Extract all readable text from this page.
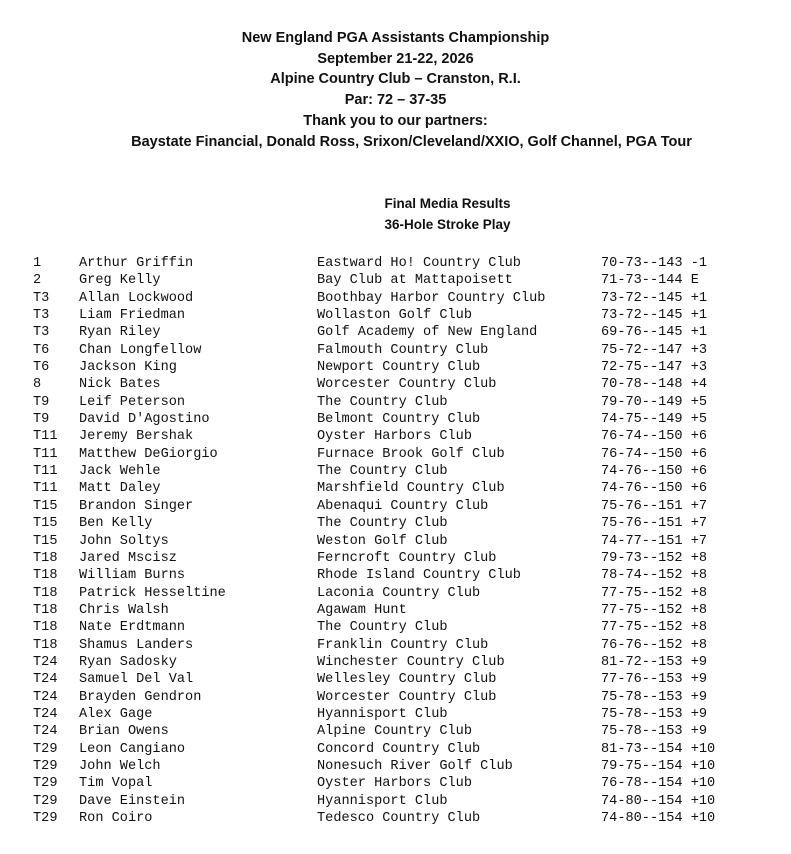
New England PGA Assistants Championship
September 21-22, 2026
Alpine Country Club – Cranston, R.I.
Par: 72 – 37-35
Thank you to our partners:
Baystate Financial, Donald Ross, Srixon/Cleveland/XXIO, Golf Channel, PGA Tour
Final Media Results
36-Hole Stroke Play
1	Arthur Griffin	Eastward Ho! Country Club	70-73--143 -1
2	Greg Kelly	Bay Club at Mattapoisett	71-73--144 E
T3 Allan Lockwood	Boothbay Harbor Country Club	73-72--145 +1
T3 Liam Friedman	Wollaston Golf Club	73-72--145 +1
T3 Ryan Riley	Golf Academy of New England	69-76--145 +1
T6 Chan Longfellow	Falmouth Country Club	75-72--147 +3
T6 Jackson King	Newport Country Club	72-75--147 +3
8	Nick Bates	Worcester Country Club	70-78--148 +4
T9 Leif Peterson	The Country Club	79-70--149 +5
T9 David D'Agostino	Belmont Country Club	74-75--149 +5
T11 Jeremy Bershak	Oyster Harbors Club	76-74--150 +6
T11 Matthew DeGiorgio	Furnace Brook Golf Club	76-74--150 +6
T11 Jack Wehle	The Country Club	74-76--150 +6
T11 Matt Daley	Marshfield Country Club	74-76--150 +6
T15 Brandon Singer	Abenaqui Country Club	75-76--151 +7
T15 Ben Kelly	The Country Club	75-76--151 +7
T15 John Soltys	Weston Golf Club	74-77--151 +7
T18 Jared Mscisz	Ferncroft Country Club	79-73--152 +8
T18 William Burns	Rhode Island Country Club	78-74--152 +8
T18 Patrick Hesseltine	Laconia Country Club	77-75--152 +8
T18 Chris Walsh	Agawam Hunt	77-75--152 +8
T18 Nate Erdtmann	The Country Club	77-75--152 +8
T18 Shamus Landers	Franklin Country Club	76-76--152 +8
T24 Ryan Sadosky	Winchester Country Club	81-72--153 +9
T24 Samuel Del Val	Wellesley Country Club	77-76--153 +9
T24 Brayden Gendron	Worcester Country Club	75-78--153 +9
T24 Alex Gage	Hyannisport Club	75-78--153 +9
T24 Brian Owens	Alpine Country Club	75-78--153 +9
T29 Leon Cangiano	Concord Country Club	81-73--154 +10
T29 John Welch	Nonesuch River Golf Club	79-75--154 +10
T29 Tim Vopal	Oyster Harbors Club	76-78--154 +10
T29 Dave Einstein	Hyannisport Club	74-80--154 +10
T29 Ron Coiro	Tedesco Country Club	74-80--154 +10
